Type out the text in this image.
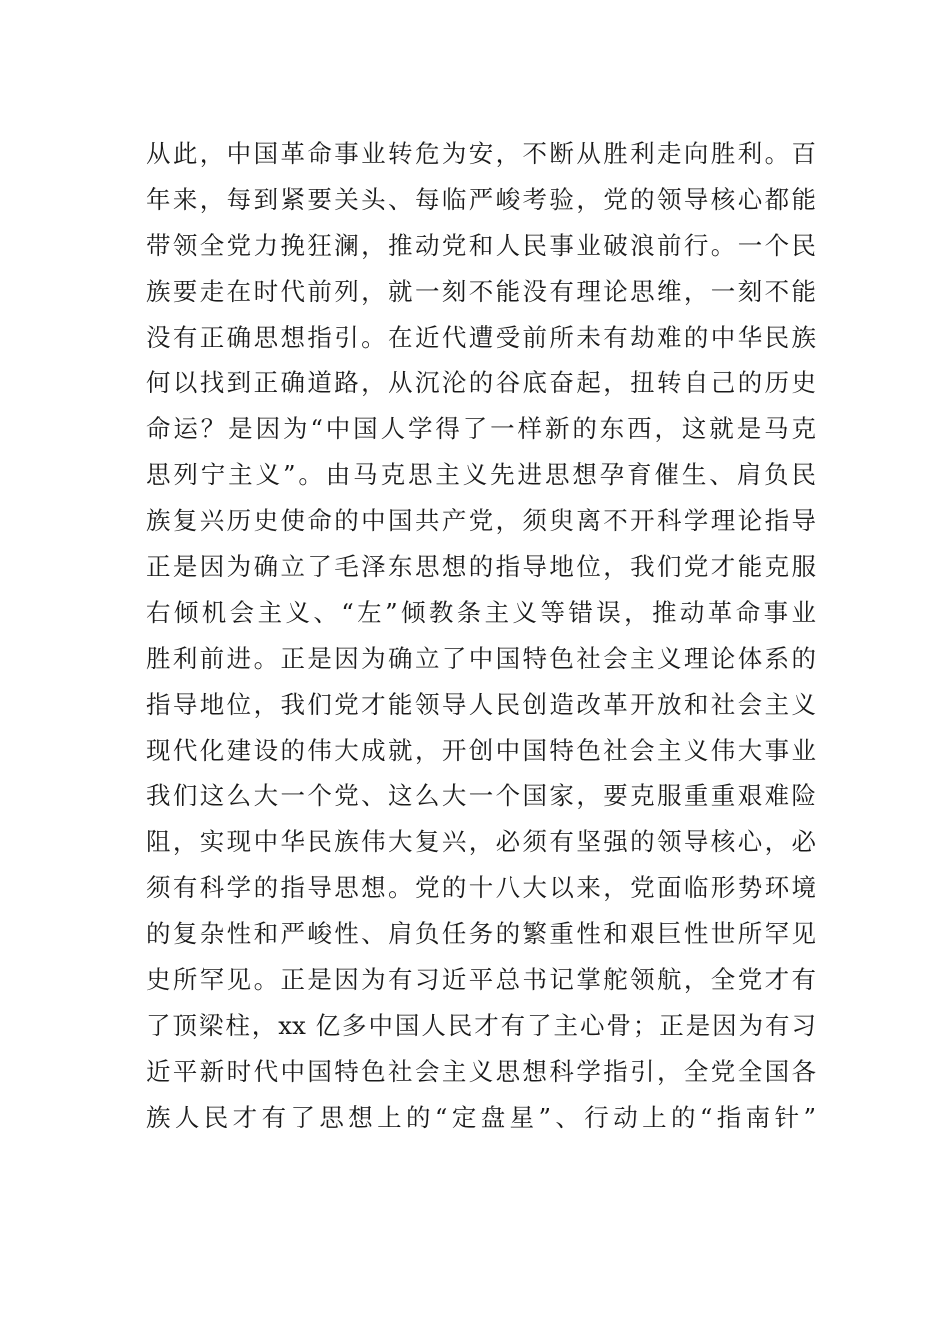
从此，中国革命事业转危为安，不断从胜利走向胜利。百
年来，每到紧要关头、每临严峻考验，党的领导核心都能
带领全党力挽狂澜，推动党和人民事业破浪前行。一个民
族要走在时代前列，就一刻不能没有理论思维，一刻不能
没有正确思想指引。在近代遭受前所未有劫难的中华民族
何以找到正确道路，从沉沦的谷底奋起，扭转自己的历史
命运？是因为“中国人学得了一样新的东西，这就是马克
思列宁主义”。由马克思主义先进思想孕育催生、肩负民
族复兴历史使命的中国共产党，须臾离不开科学理论指导
正是因为确立了毛泽东思想的指导地位，我们党才能克服
右倾机会主义、“左”倾教条主义等错误，推动革命事业
胜利前进。正是因为确立了中国特色社会主义理论体系的
指导地位，我们党才能领导人民创造改革开放和社会主义
现代化建设的伟大成就，开创中国特色社会主义伟大事业
我们这么大一个党、这么大一个国家，要克服重重艰难险
阻，实现中华民族伟大复兴，必须有坚强的领导核心，必
须有科学的指导思想。党的十八大以来，党面临形势环境
的复杂性和严峻性、肩负任务的繁重性和艰巨性世所罕见
史所罕见。正是因为有习近平总书记掌舵领航，全党才有
了顶梁柱，xx 亿多中国人民才有了主心骨；正是因为有习
近平新时代中国特色社会主义思想科学指引，全党全国各
族人民才有了思想上的“定盘星”、行动上的“指南针”
